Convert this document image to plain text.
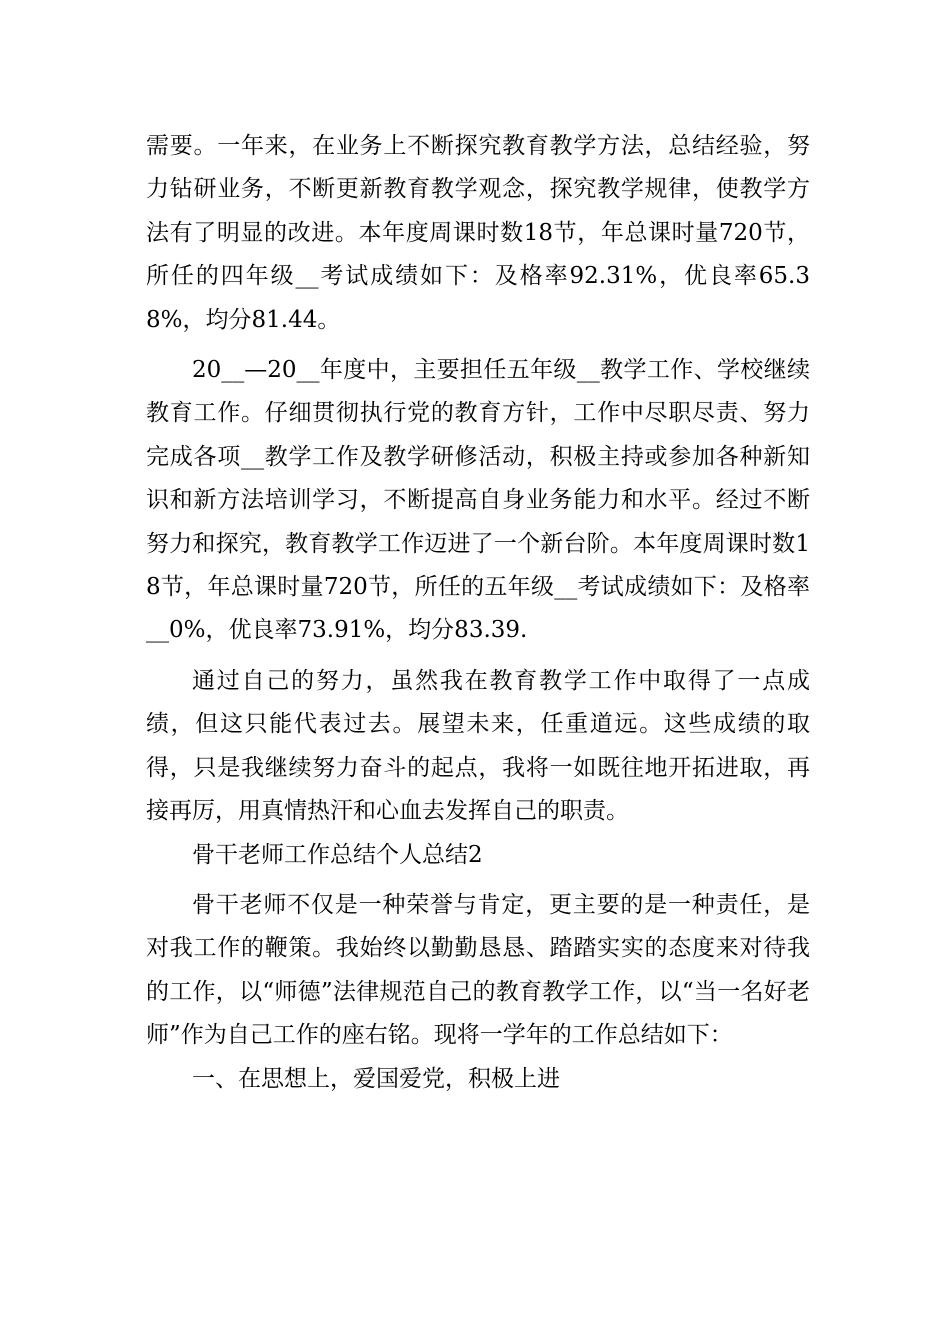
需要。一年来，在业务上不断探究教育教学方法，总结经验，努力钻研业务，不断更新教育教学观念，探究教学规律，使教学方法有了明显的改进。本年度周课时数18节，年总课时量720节，所任的四年级__考试成绩如下：及格率92.31%，优良率65.38%，均分81.44。

20__—20__年度中，主要担任五年级__教学工作、学校继续教育工作。仔细贯彻执行党的教育方针，工作中尽职尽责、努力完成各项__教学工作及教学研修活动，积极主持或参加各种新知识和新方法培训学习，不断提高自身业务能力和水平。经过不断努力和探究，教育教学工作迈进了一个新台阶。本年度周课时数18节，年总课时量720节，所任的五年级__考试成绩如下：及格率__0%，优良率73.91%，均分83.39.

通过自己的努力，虽然我在教育教学工作中取得了一点成绩，但这只能代表过去。展望未来，任重道远。这些成绩的取得，只是我继续努力奋斗的起点，我将一如既往地开拓进取，再接再厉，用真情热汗和心血去发挥自己的职责。

骨干老师工作总结个人总结2

骨干老师不仅是一种荣誉与肯定，更主要的是一种责任，是对我工作的鞭策。我始终以勤勤恳恳、踏踏实实的态度来对待我的工作，以“师德”法律规范自己的教育教学工作，以“当一名好老师”作为自己工作的座右铭。现将一学年的工作总结如下：

一、在思想上，爱国爱党，积极上进
